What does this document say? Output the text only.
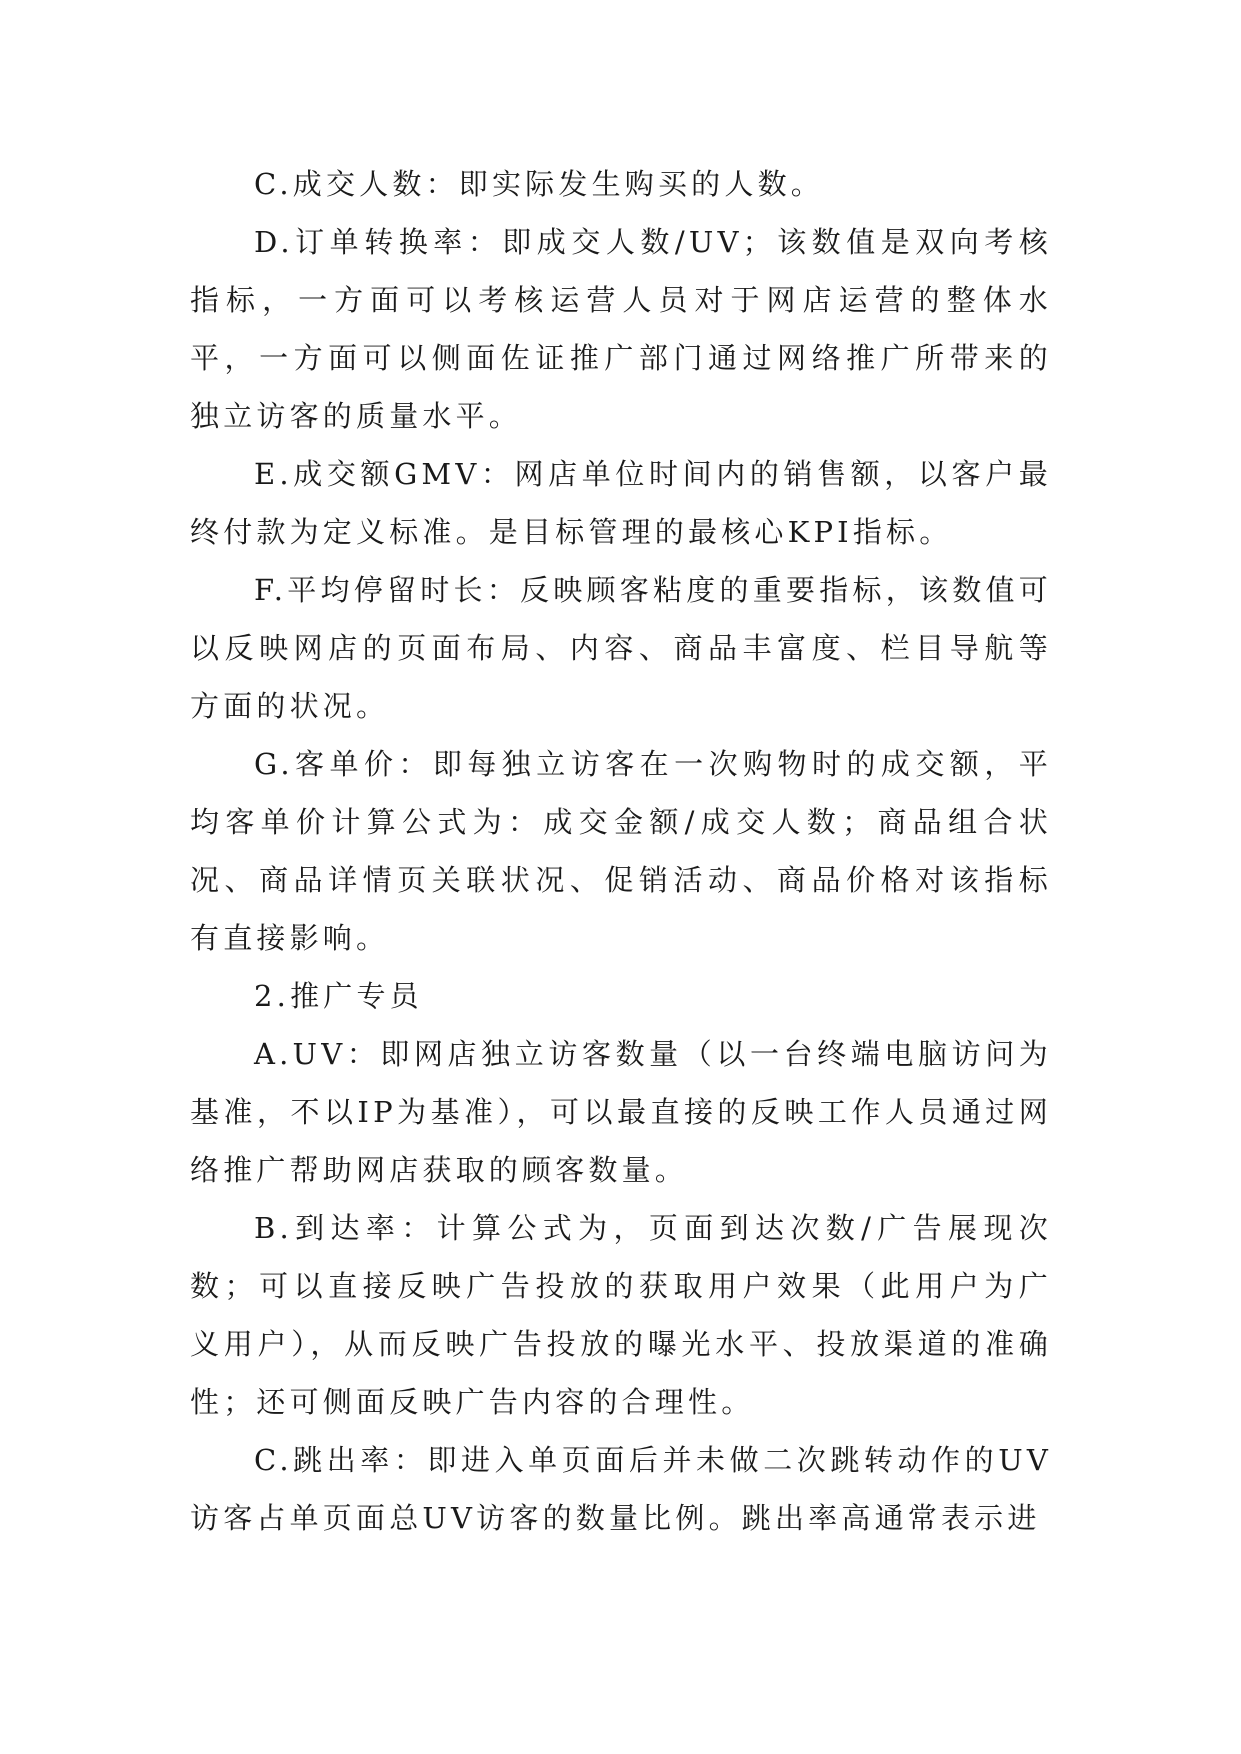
C.成交人数：即实际发生购买的人数。

D.订单转换率：即成交人数/UV；该数值是双向考核指标，一方面可以考核运营人员对于网店运营的整体水平，一方面可以侧面佐证推广部门通过网络推广所带来的独立访客的质量水平。

E.成交额GMV：网店单位时间内的销售额，以客户最终付款为定义标准。是目标管理的最核心KPI指标。

F.平均停留时长：反映顾客粘度的重要指标，该数值可以反映网店的页面布局、内容、商品丰富度、栏目导航等方面的状况。

G.客单价：即每独立访客在一次购物时的成交额，平均客单价计算公式为：成交金额/成交人数；商品组合状况、商品详情页关联状况、促销活动、商品价格对该指标有直接影响。

2.推广专员

A.UV：即网店独立访客数量（以一台终端电脑访问为基准，不以IP为基准），可以最直接的反映工作人员通过网络推广帮助网店获取的顾客数量。

B.到达率：计算公式为，页面到达次数/广告展现次数；可以直接反映广告投放的获取用户效果（此用户为广义用户），从而反映广告投放的曝光水平、投放渠道的准确性；还可侧面反映广告内容的合理性。

C.跳出率：即进入单页面后并未做二次跳转动作的UV访客占单页面总UV访客的数量比例。跳出率高通常表示进
